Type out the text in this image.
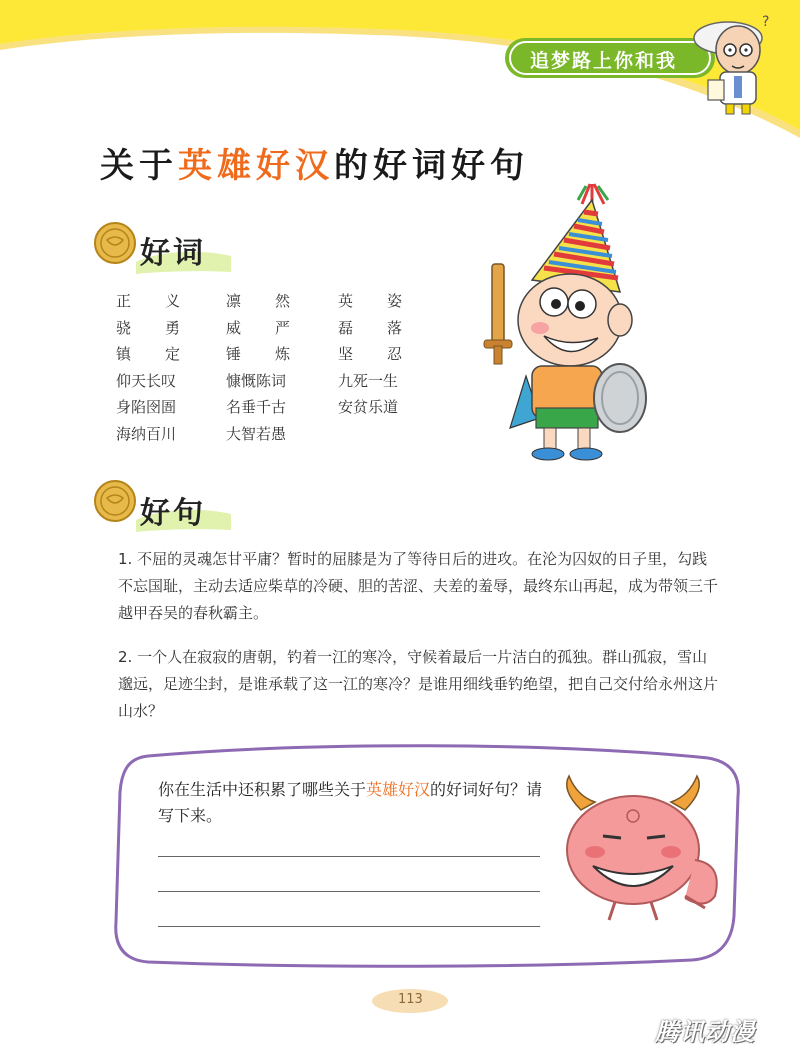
追梦路上你和我
?
关于英雄好汉的好词好句
好词
正 义	凛 然	英 姿
骁 勇	威 严	磊 落
镇 定	锤 炼	坚 忍
仰天长叹	慷慨陈词	九死一生
身陷囹圄	名垂千古	安贫乐道
海纳百川	大智若愚
好句
1. 不屈的灵魂怎甘平庸？暂时的屈膝是为了等待日后的进攻。在沦为囚奴的日子里，勾践不忘国耻，主动去适应柴草的冷硬、胆的苦涩、夫差的羞辱，最终东山再起，成为带领三千越甲吞吴的春秋霸主。
2. 一个人在寂寂的唐朝，钓着一江的寒冷，守候着最后一片洁白的孤独。群山孤寂，雪山邈远，足迹尘封，是谁承载了这一江的寒冷？是谁用细线垂钓绝望，把自己交付给永州这片山水？
你在生活中还积累了哪些关于英雄好汉的好词好句？请写下来。
113
腾讯动漫
